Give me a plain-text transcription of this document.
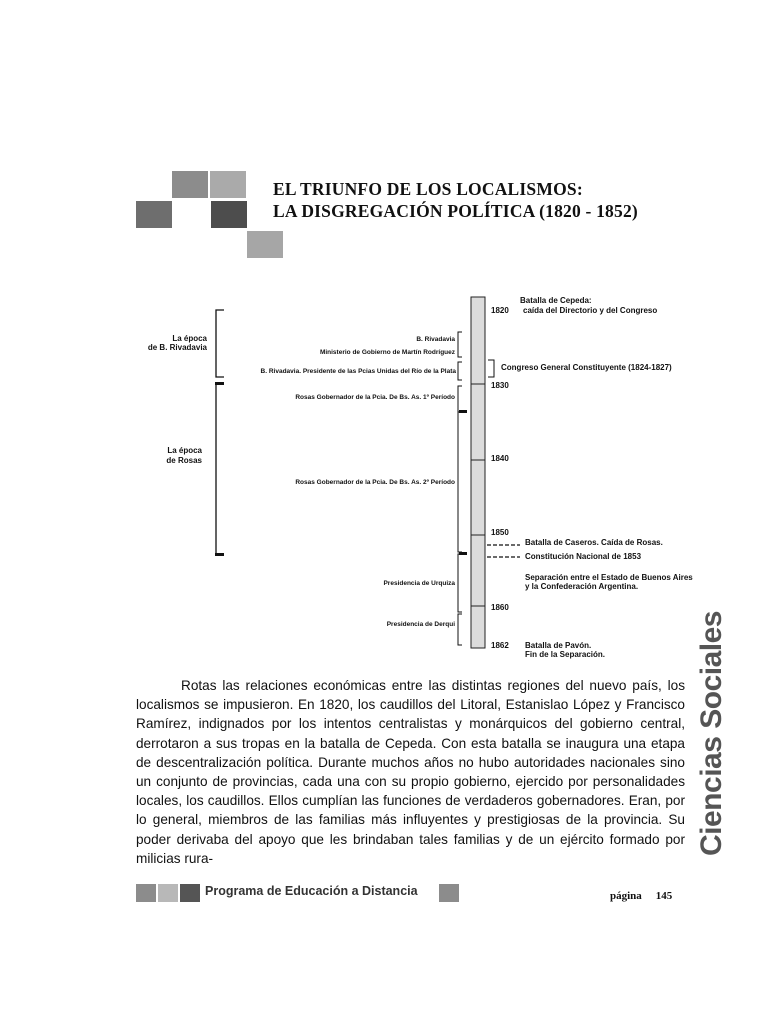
EL TRIUNFO DE LOS LOCALISMOS:
LA DISGREGACIÓN POLÍTICA (1820 - 1852)
La época
de B. Rivadavia
La época
de Rosas
B. Rivadavia
Ministerio de Gobierno de Martín Rodríguez
B. Rivadavia. Presidente de las Pcias Unidas del Río de la Plata
Rosas Gobernador de la Pcia. De Bs. As. 1º Período
Rosas Gobernador de la Pcia. De Bs. As. 2º Período
Presidencia de Urquiza
Presidencia de Derqui
1820
1830
1840
1850
1860
1862
Batalla de Cepeda:
caída del Directorio y del Congreso
Congreso General Constituyente (1824-1827)
Batalla de Caseros. Caída de Rosas.
Constitución Nacional de 1853
Separación entre el Estado de Buenos Aires
y la Confederación Argentina.
Batalla de Pavón.
Fin de la Separación.

Rotas las relaciones económicas entre las distintas regiones del nuevo país, los localismos se impusieron. En 1820, los caudillos del Litoral, Estanislao López y Francisco Ramírez, indignados por los intentos centralistas y monárquicos del gobierno central, derrotaron a sus tropas en la batalla de Cepeda. Con esta batalla se inaugura una etapa de descentralización política. Durante muchos años no hubo autoridades nacionales sino un conjunto de provincias, cada una con su propio gobierno, ejercido por personalidades locales, los caudillos. Ellos cumplían las funciones de verdaderos gobernadores. Eran, por lo general, miembros de las familias más influyentes y prestigiosas de la provincia. Su poder derivaba del apoyo que les brindaban tales familias y de un ejército formado por milicias rura-

Ciencias Sociales
Programa de Educación a Distancia	página 145
